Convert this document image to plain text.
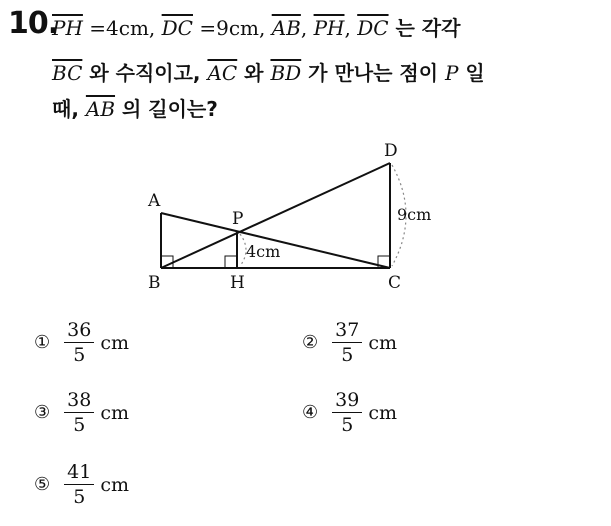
10.
$\overline{PH} =4cm$, $\overline{DC} =9cm$, $\overline{AB}$, $\overline{PH}$, $\overline{DC}$ 는 각각
$\overline{BC}$ 와 수직이고, $\overline{AC}$ 와 $\overline{BD}$ 가 만나는 점이 P 일
때, $\overline{AB}$ 의 길이는?
A
B	C
D
P
H
4cm
9cm
① $\frac{36}{5}$ cm	② $\frac{37}{5}$ cm
③ $\frac{38}{5}$ cm	④ $\frac{39}{5}$ cm
⑤ $\frac{41}{5}$ cm
